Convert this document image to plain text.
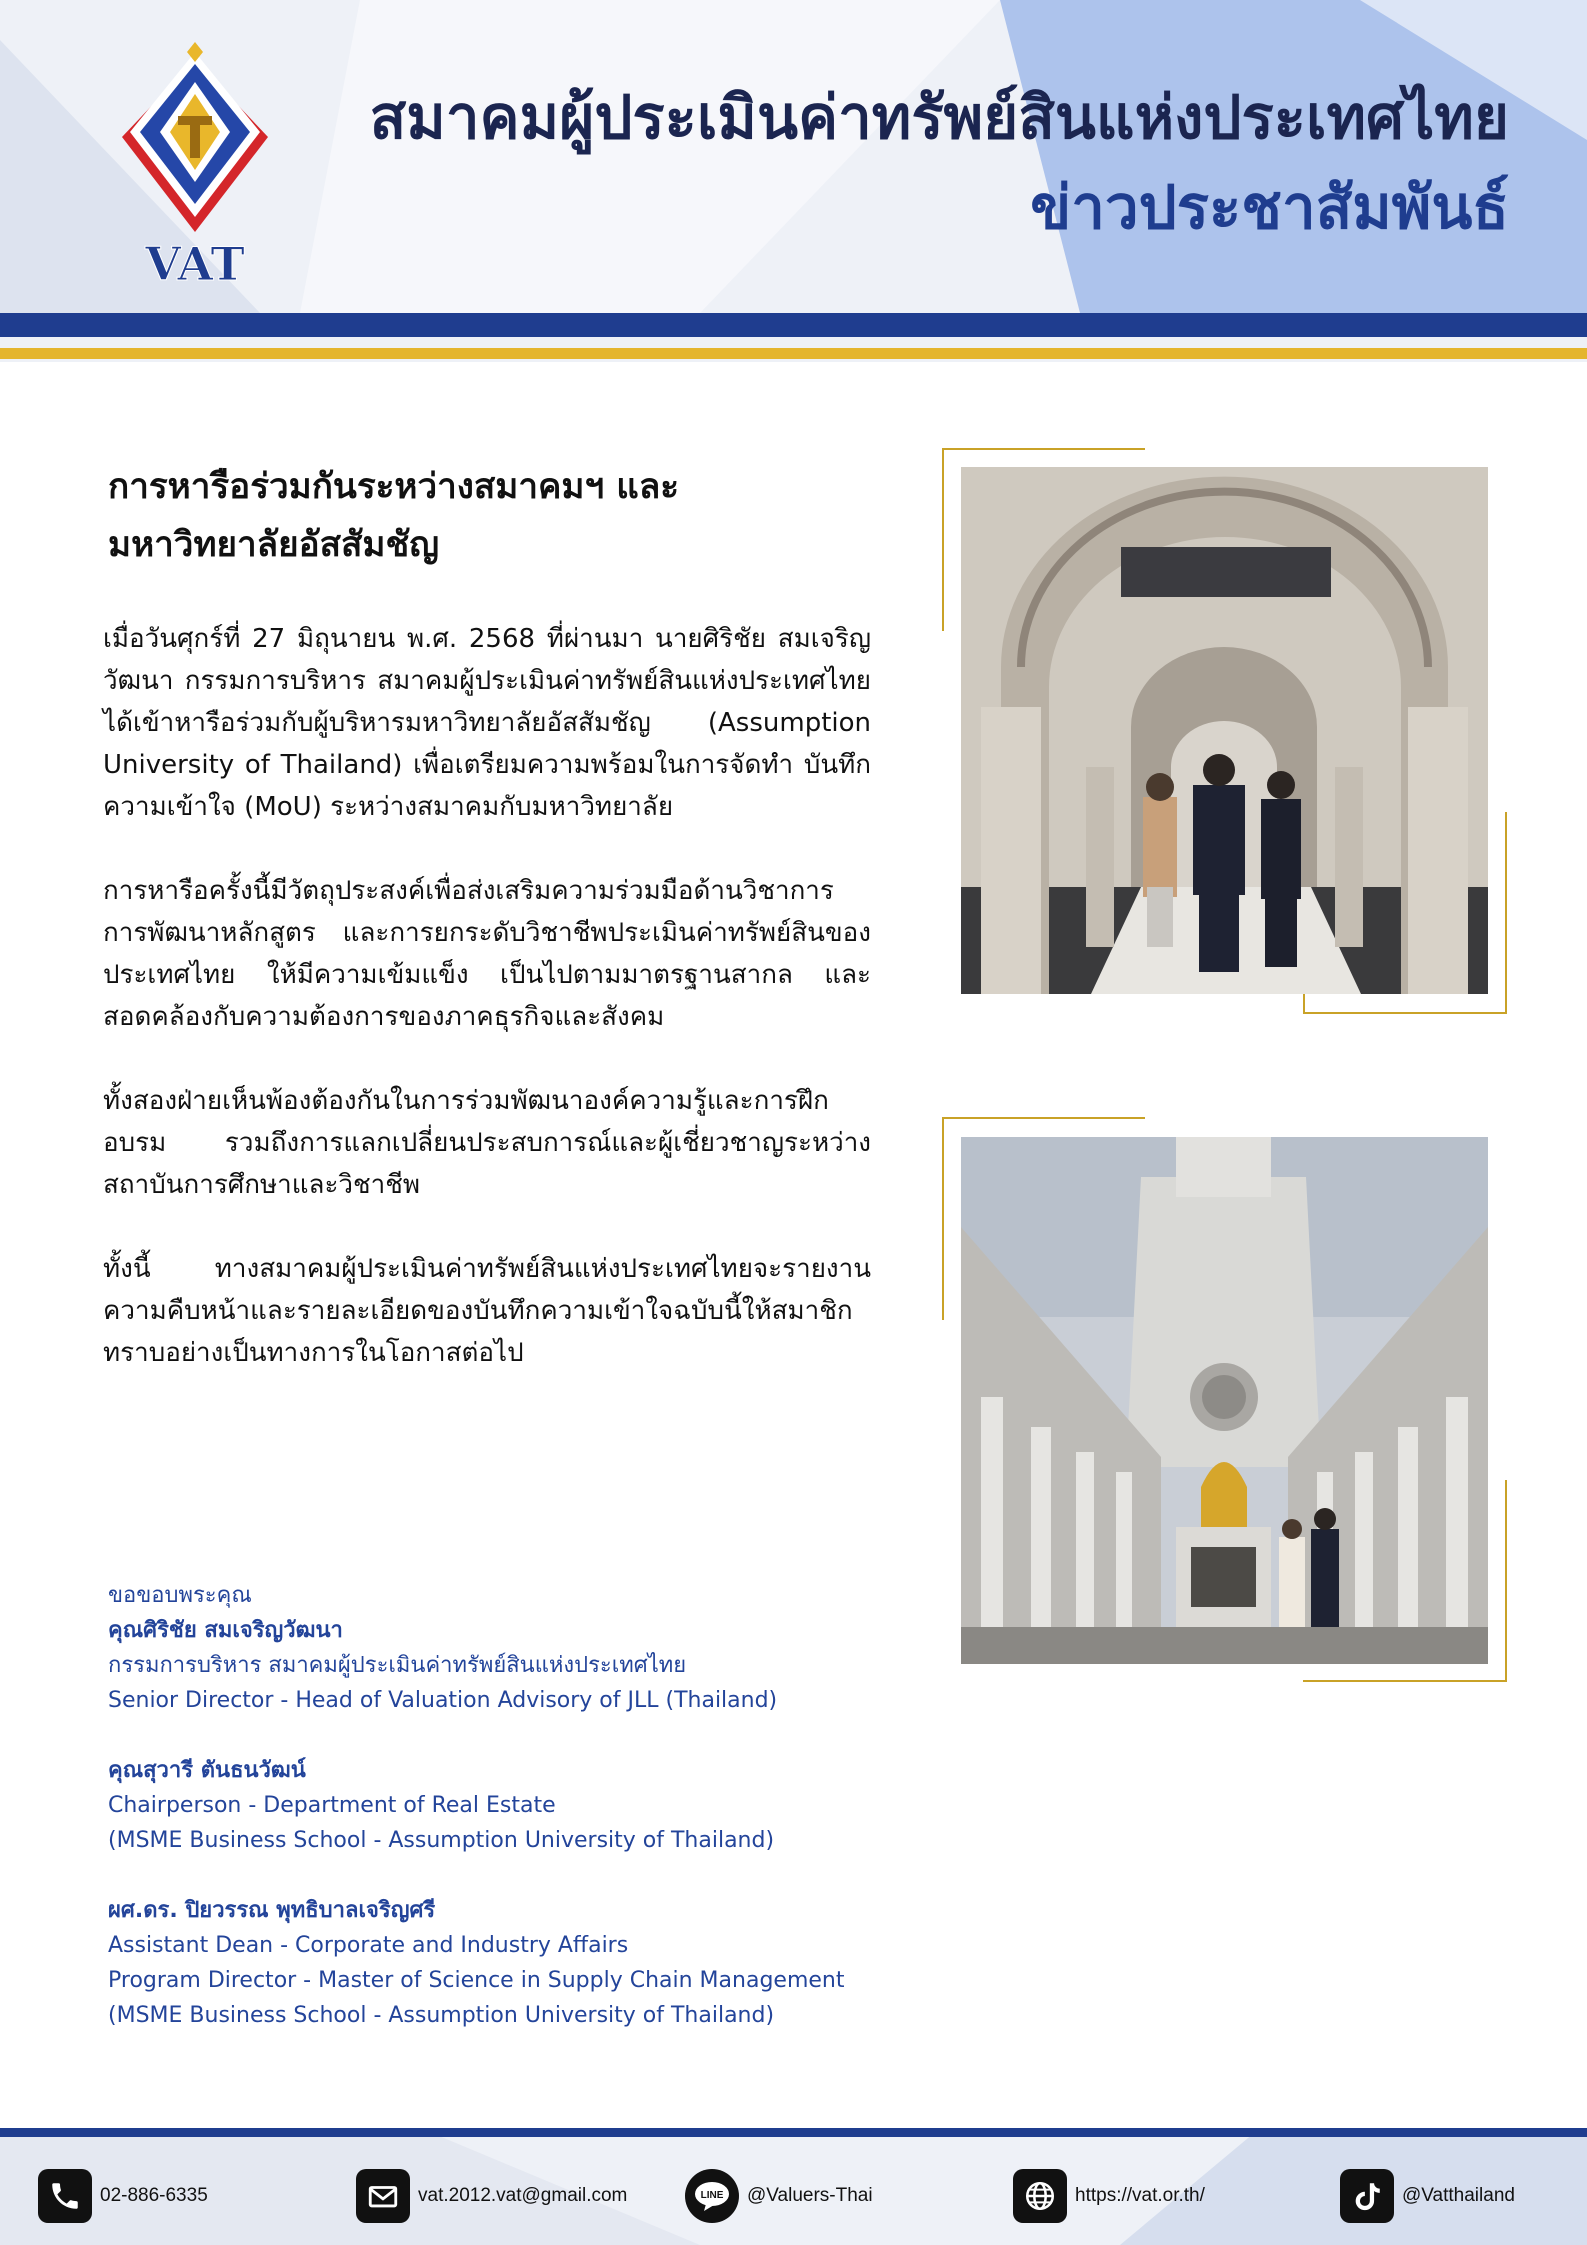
VAT
สมาคมผู้ประเมินค่าทรัพย์สินแห่งประเทศไทย
ข่าวประชาสัมพันธ์
การหารือร่วมกันระหว่างสมาคมฯ และ
มหาวิทยาลัยอัสสัมชัญ

เมื่อวันศุกร์ที่ 27 มิถุนายน พ.ศ. 2568 ที่ผ่านมา นายศิริชัย สมเจริญวัฒนา กรรมการบริหาร สมาคมผู้ประเมินค่าทรัพย์สินแห่งประเทศไทย ได้เข้าหารือร่วมกับผู้บริหารมหาวิทยาลัยอัสสัมชัญ (Assumption University of Thailand) เพื่อเตรียมความพร้อมในการจัดทำ บันทึกความเข้าใจ (MoU) ระหว่างสมาคมกับมหาวิทยาลัย

การหารือครั้งนี้มีวัตถุประสงค์เพื่อส่งเสริมความร่วมมือด้านวิชาการ การพัฒนาหลักสูตร และการยกระดับวิชาชีพประเมินค่าทรัพย์สินของประเทศไทย ให้มีความเข้มแข็ง เป็นไปตามมาตรฐานสากล และสอดคล้องกับความต้องการของภาคธุรกิจและสังคม

ทั้งสองฝ่ายเห็นพ้องต้องกันในการร่วมพัฒนาองค์ความรู้และการฝึกอบรม รวมถึงการแลกเปลี่ยนประสบการณ์และผู้เชี่ยวชาญระหว่างสถาบันการศึกษาและวิชาชีพ

ทั้งนี้ ทางสมาคมผู้ประเมินค่าทรัพย์สินแห่งประเทศไทยจะรายงานความคืบหน้าและรายละเอียดของบันทึกความเข้าใจฉบับนี้ให้สมาชิกทราบอย่างเป็นทางการในโอกาสต่อไป

ขอขอบพระคุณ
คุณศิริชัย สมเจริญวัฒนา
กรรมการบริหาร สมาคมผู้ประเมินค่าทรัพย์สินแห่งประเทศไทย
Senior Director - Head of Valuation Advisory of JLL (Thailand)
คุณสุวารี ตันธนวัฒน์
Chairperson - Department of Real Estate
(MSME Business School - Assumption University of Thailand)
ผศ.ดร. ปิยวรรณ พุทธิบาลเจริญศรี
Assistant Dean - Corporate and Industry Affairs
Program Director - Master of Science in Supply Chain Management
(MSME Business School - Assumption University of Thailand)
02-886-6335	vat.2012.vat@gmail.com	LINE @Valuers-Thai	https://vat.or.th/	@Vatthailand
